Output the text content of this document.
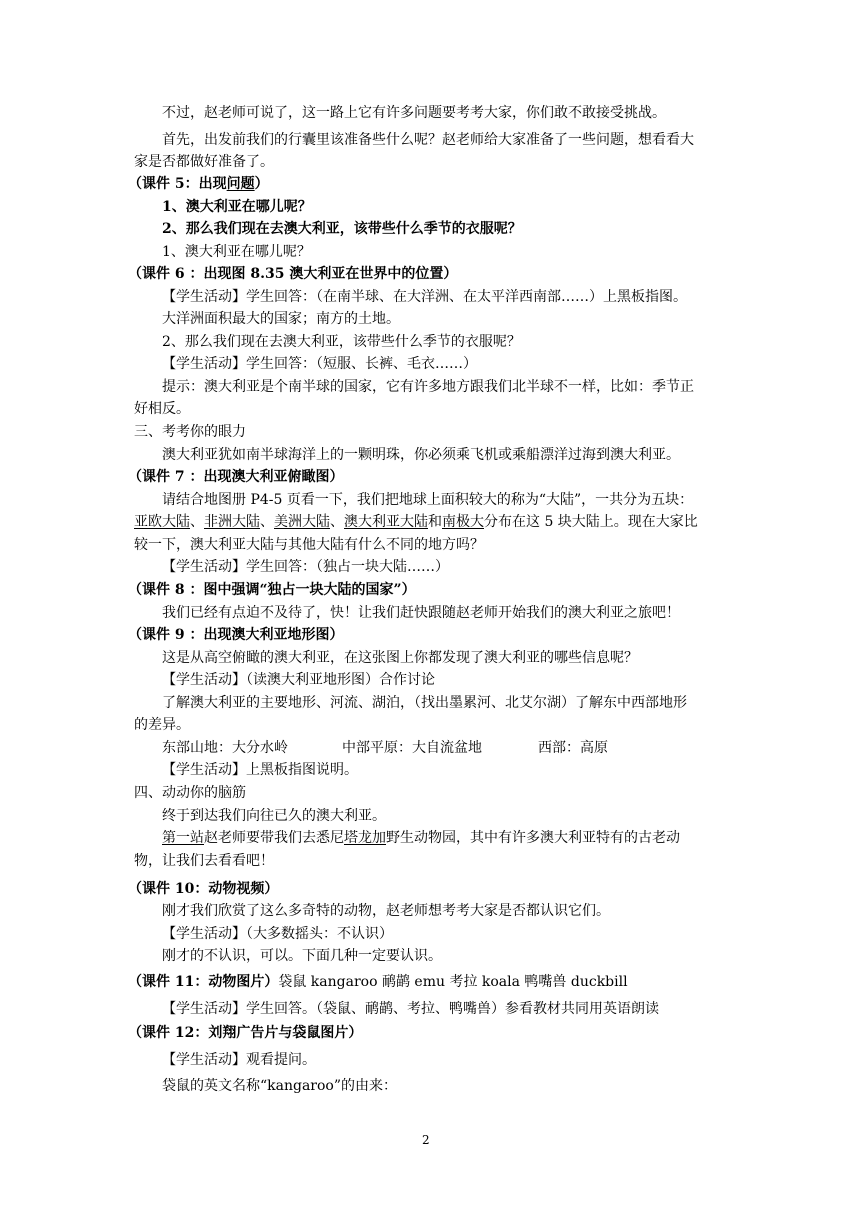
不过，赵老师可说了，这一路上它有许多问题要考考大家，你们敢不敢接受挑战。
首先，出发前我们的行囊里该准备些什么呢？赵老师给大家准备了一些问题，想看看大
家是否都做好准备了。
（课件 5：出现问题）
1、澳大利亚在哪儿呢？
2、那么我们现在去澳大利亚，该带些什么季节的衣服呢？
1、澳大利亚在哪儿呢？
（课件 6 ：出现图 8.35 澳大利亚在世界中的位置）
【学生活动】学生回答：（在南半球、在大洋洲、在太平洋西南部……）上黑板指图。
大洋洲面积最大的国家；南方的土地。
2、那么我们现在去澳大利亚，该带些什么季节的衣服呢？
【学生活动】学生回答：（短服、长裤、毛衣……）
提示：澳大利亚是个南半球的国家，它有许多地方跟我们北半球不一样，比如：季节正
好相反。
三、考考你的眼力
澳大利亚犹如南半球海洋上的一颗明珠，你必须乘飞机或乘船漂洋过海到澳大利亚。
（课件 7 ：出现澳大利亚俯瞰图）
请结合地图册 P4-5 页看一下，我们把地球上面积较大的称为“大陆”，一共分为五块：
亚欧大陆、非洲大陆、美洲大陆、澳大利亚大陆和南极大分布在这 5 块大陆上。现在大家比
较一下，澳大利亚大陆与其他大陆有什么不同的地方吗？
【学生活动】学生回答：（独占一块大陆……）
（课件 8 ：图中强调“独占一块大陆的国家”）
我们已经有点迫不及待了，快！让我们赶快跟随赵老师开始我们的澳大利亚之旅吧！
（课件 9 ：出现澳大利亚地形图）
这是从高空俯瞰的澳大利亚，在这张图上你都发现了澳大利亚的哪些信息呢？
【学生活动】（读澳大利亚地形图）合作讨论
了解澳大利亚的主要地形、河流、湖泊，（找出墨累河、北艾尔湖）了解东中西部地形
的差异。
东部山地：大分水岭	中部平原：大自流盆地	西部：高原
【学生活动】上黑板指图说明。
四、动动你的脑筋
终于到达我们向往已久的澳大利亚。
第一站赵老师要带我们去悉尼塔龙加野生动物园，其中有许多澳大利亚特有的古老动
物，让我们去看看吧！
（课件 10：动物视频）
刚才我们欣赏了这么多奇特的动物，赵老师想考考大家是否都认识它们。
【学生活动】（大多数摇头：不认识）
刚才的不认识，可以。下面几种一定要认识。
（课件 11：动物图片）袋鼠 kangaroo 鸸鹋 emu 考拉 koala 鸭嘴兽 duckbill
【学生活动】学生回答。（袋鼠、鸸鹋、考拉、鸭嘴兽）参看教材共同用英语朗读
（课件 12：刘翔广告片与袋鼠图片）
【学生活动】观看提问。
袋鼠的英文名称“kangaroo”的由来：
2
